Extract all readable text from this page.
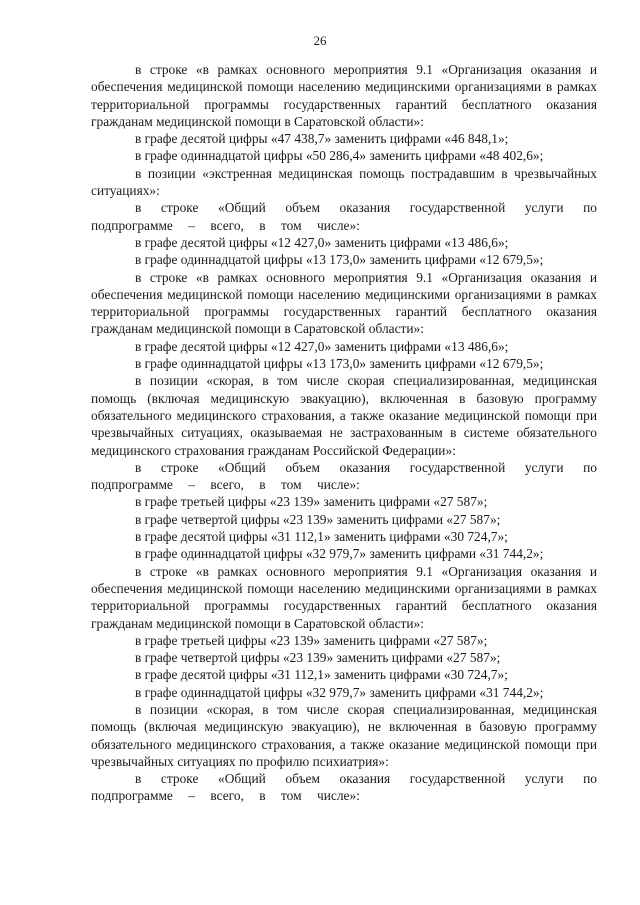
26

в строке «в рамках основного мероприятия 9.1 «Организация оказания и обеспечения медицинской помощи населению медицинскими организациями в рамках территориальной программы государственных гарантий бесплатного оказания гражданам медицинской помощи в Саратовской области»:

в графе десятой цифры «47 438,7» заменить цифрами «46 848,1»;

в графе одиннадцатой цифры «50 286,4» заменить цифрами «48 402,6»;

в позиции «экстренная медицинская помощь пострадавшим в чрезвычайных ситуациях»:

в строке «Общий объем оказания государственной услуги по подпрограмме – всего, в том числе»:

в графе десятой цифры «12 427,0» заменить цифрами «13 486,6»;

в графе одиннадцатой цифры «13 173,0» заменить цифрами «12 679,5»;

в строке «в рамках основного мероприятия 9.1 «Организация оказания и обеспечения медицинской помощи населению медицинскими организациями в рамках территориальной программы государственных гарантий бесплатного оказания гражданам медицинской помощи в Саратовской области»:

в графе десятой цифры «12 427,0» заменить цифрами «13 486,6»;

в графе одиннадцатой цифры «13 173,0» заменить цифрами «12 679,5»;

в позиции «скорая, в том числе скорая специализированная, медицинская помощь (включая медицинскую эвакуацию), включенная в базовую программу обязательного медицинского страхования, а также оказание медицинской помощи при чрезвычайных ситуациях, оказываемая не застрахованным в системе обязательного медицинского страхования гражданам Российской Федерации»:

в строке «Общий объем оказания государственной услуги по подпрограмме – всего, в том числе»:

в графе третьей цифры «23 139» заменить цифрами «27 587»;

в графе четвертой цифры «23 139» заменить цифрами «27 587»;

в графе десятой цифры «31 112,1» заменить цифрами «30 724,7»;

в графе одиннадцатой цифры «32 979,7» заменить цифрами «31 744,2»;

в строке «в рамках основного мероприятия 9.1 «Организация оказания и обеспечения медицинской помощи населению медицинскими организациями в рамках территориальной программы государственных гарантий бесплатного оказания гражданам медицинской помощи в Саратовской области»:

в графе третьей цифры «23 139» заменить цифрами «27 587»;

в графе четвертой цифры «23 139» заменить цифрами «27 587»;

в графе десятой цифры «31 112,1» заменить цифрами «30 724,7»;

в графе одиннадцатой цифры «32 979,7» заменить цифрами «31 744,2»;

в позиции «скорая, в том числе скорая специализированная, медицинская помощь (включая медицинскую эвакуацию), не включенная в базовую программу обязательного медицинского страхования, а также оказание медицинской помощи при чрезвычайных ситуациях по профилю психиатрия»:

в строке «Общий объем оказания государственной услуги по подпрограмме – всего, в том числе»:
